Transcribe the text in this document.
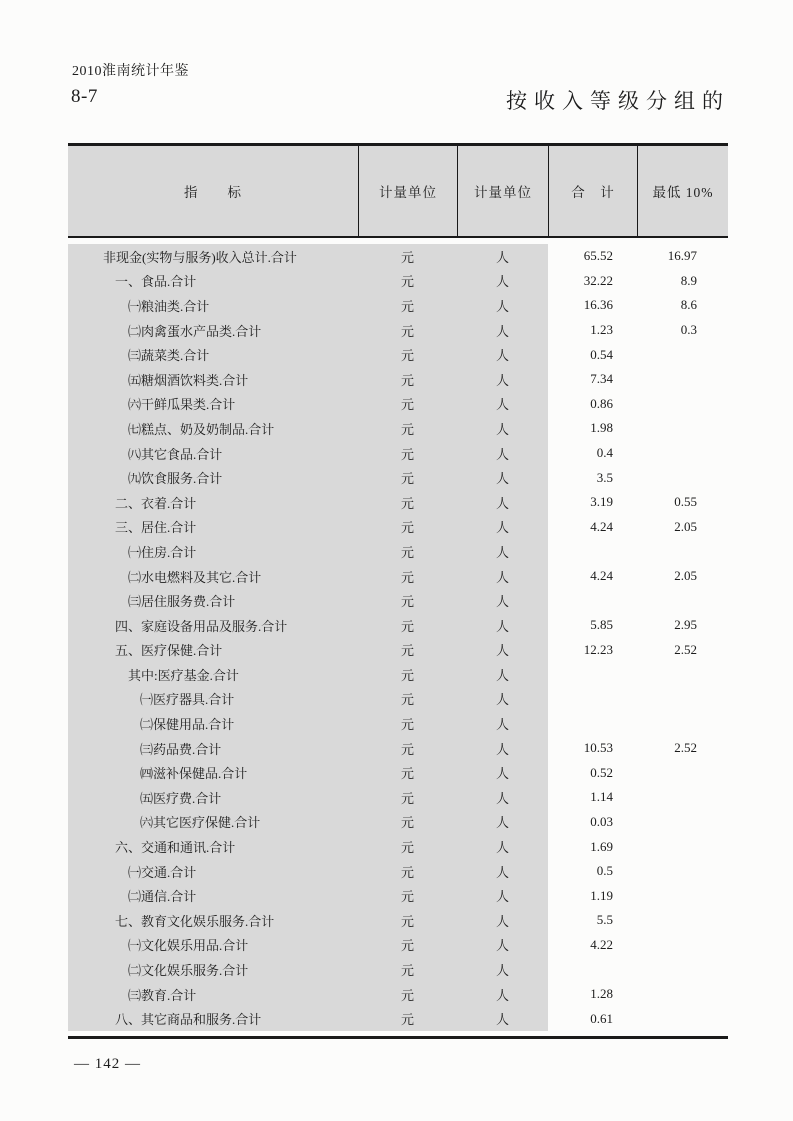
2010淮南统计年鉴
8-7	按收入等级分组的
指　　标	计量单位	计量单位	合　计	最低 10%
非现金(实物与服务)收入总计.合计	元	人	65.52	16.97
一、食品.合计	元	人	32.22	8.9
㈠粮油类.合计	元	人	16.36	8.6
㈡肉禽蛋水产品类.合计	元	人	1.23	0.3
㈢蔬菜类.合计	元	人	0.54
㈤糖烟酒饮料类.合计	元	人	7.34
㈥干鲜瓜果类.合计	元	人	0.86
㈦糕点、奶及奶制品.合计	元	人	1.98
㈧其它食品.合计	元	人	0.4
㈨饮食服务.合计	元	人	3.5
二、衣着.合计	元	人	3.19	0.55
三、居住.合计	元	人	4.24	2.05
㈠住房.合计	元	人
㈡水电燃料及其它.合计	元	人	4.24	2.05
㈢居住服务费.合计	元	人
四、家庭设备用品及服务.合计	元	人	5.85	2.95
五、医疗保健.合计	元	人	12.23	2.52
其中:医疗基金.合计	元	人
㈠医疗器具.合计	元	人
㈡保健用品.合计	元	人
㈢药品费.合计	元	人	10.53	2.52
㈣滋补保健品.合计	元	人	0.52
㈤医疗费.合计	元	人	1.14
㈥其它医疗保健.合计	元	人	0.03
六、交通和通讯.合计	元	人	1.69
㈠交通.合计	元	人	0.5
㈡通信.合计	元	人	1.19
七、教育文化娱乐服务.合计	元	人	5.5
㈠文化娱乐用品.合计	元	人	4.22
㈡文化娱乐服务.合计	元	人
㈢教育.合计	元	人	1.28
八、其它商品和服务.合计	元	人	0.61
— 142 —
